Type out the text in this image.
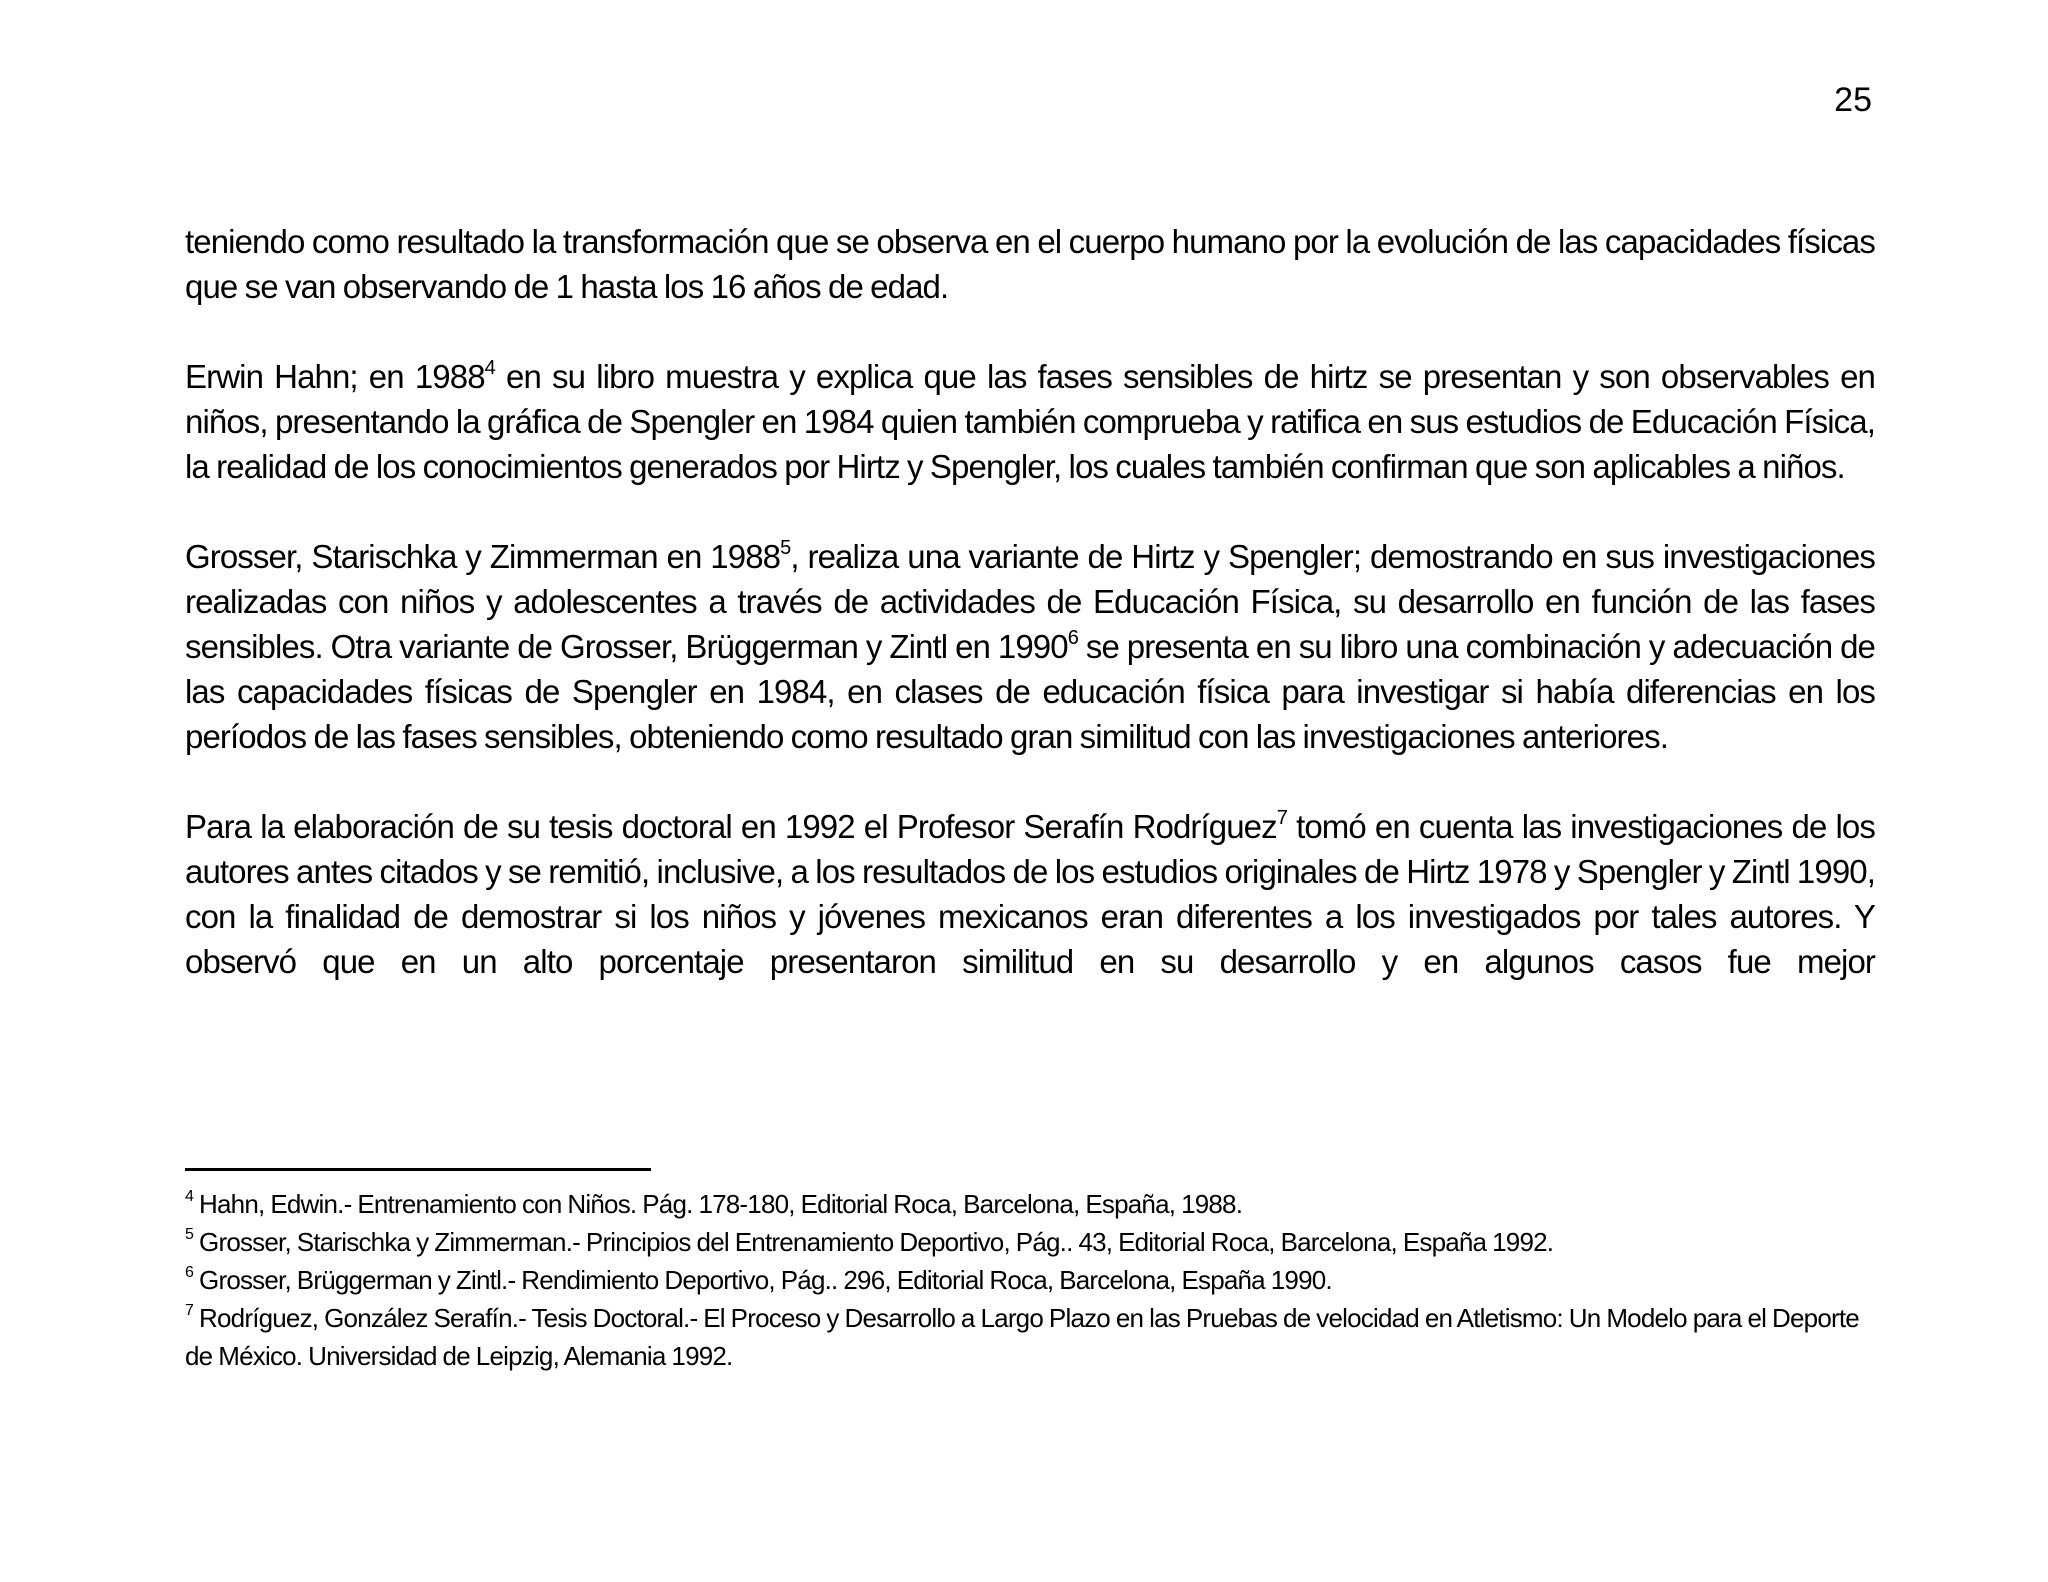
25

teniendo como resultado la transformación que se observa en el cuerpo humano por la evolución de las capacidades físicas que se van observando de 1 hasta los 16 años de edad.

Erwin Hahn; en 1988$^4$ en su libro muestra y explica que las fases sensibles de hirtz se presentan y son observables en niños, presentando la gráfica de Spengler en 1984 quien también comprueba y ratifica en sus estudios de Educación Física, la realidad de los conocimientos generados por Hirtz y Spengler, los cuales también confirman que son aplicables a niños.

Grosser, Starischka y Zimmerman en 1988$^5$, realiza una variante de Hirtz y Spengler; demostrando en sus investigaciones realizadas con niños y adolescentes a través de actividades de Educación Física, su desarrollo en función de las fases sensibles. Otra variante de Grosser, Brüggerman y Zintl en 1990$^6$ se presenta en su libro una combinación y adecuación de las capacidades físicas de Spengler en 1984, en clases de educación física para investigar si había diferencias en los períodos de las fases sensibles, obteniendo como resultado gran similitud con las investigaciones anteriores.

Para la elaboración de su tesis doctoral en 1992 el Profesor Serafín Rodríguez$^7$ tomó en cuenta las investigaciones de los autores antes citados y se remitió, inclusive, a los resultados de los estudios originales de Hirtz 1978 y Spengler y Zintl 1990, con la finalidad de demostrar si los niños y jóvenes mexicanos eran diferentes a los investigados por tales autores. Y observó que en un alto porcentaje presentaron similitud en su desarrollo y en algunos casos fue mejor

$^4$ Hahn, Edwin.- Entrenamiento con Niños. Pág. 178-180, Editorial Roca, Barcelona, España, 1988.

$^5$ Grosser, Starischka y Zimmerman.- Principios del Entrenamiento Deportivo, Pág.. 43, Editorial Roca, Barcelona, España 1992.

$^6$ Grosser, Brüggerman y Zintl.- Rendimiento Deportivo, Pág.. 296, Editorial Roca, Barcelona, España 1990.

$^7$ Rodríguez, González Serafín.- Tesis Doctoral.- El Proceso y Desarrollo a Largo Plazo en las Pruebas de velocidad en Atletismo: Un Modelo para el Deporte de México. Universidad de Leipzig, Alemania 1992.
